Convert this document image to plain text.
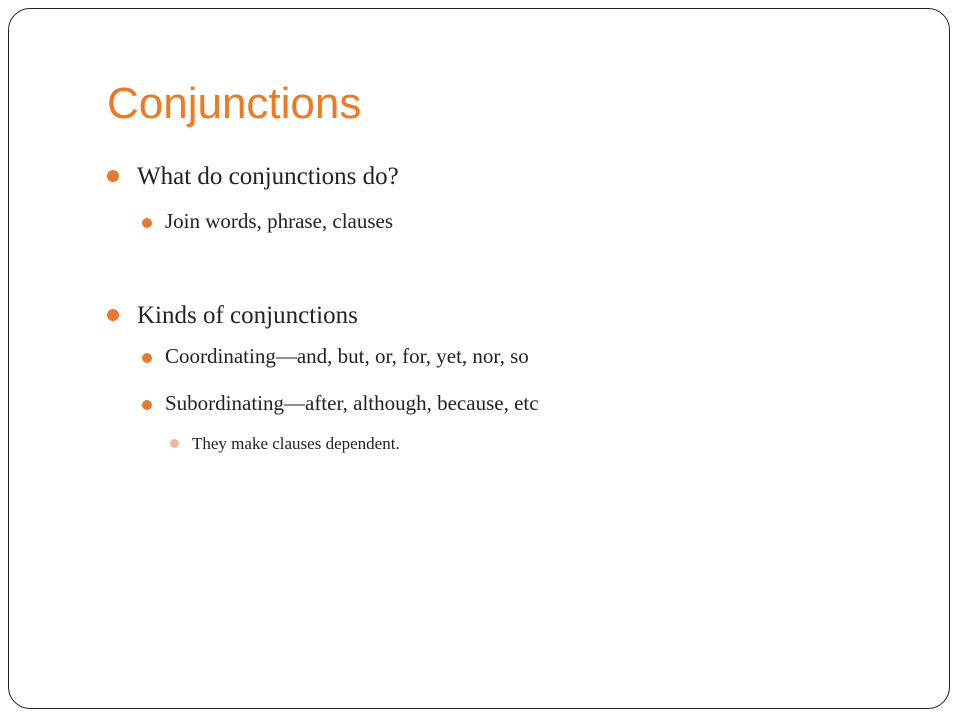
Conjunctions
What do conjunctions do?
Join words, phrase, clauses
Kinds of conjunctions
Coordinating—and, but, or, for, yet, nor, so
Subordinating—after, although, because, etc
They make clauses dependent.
